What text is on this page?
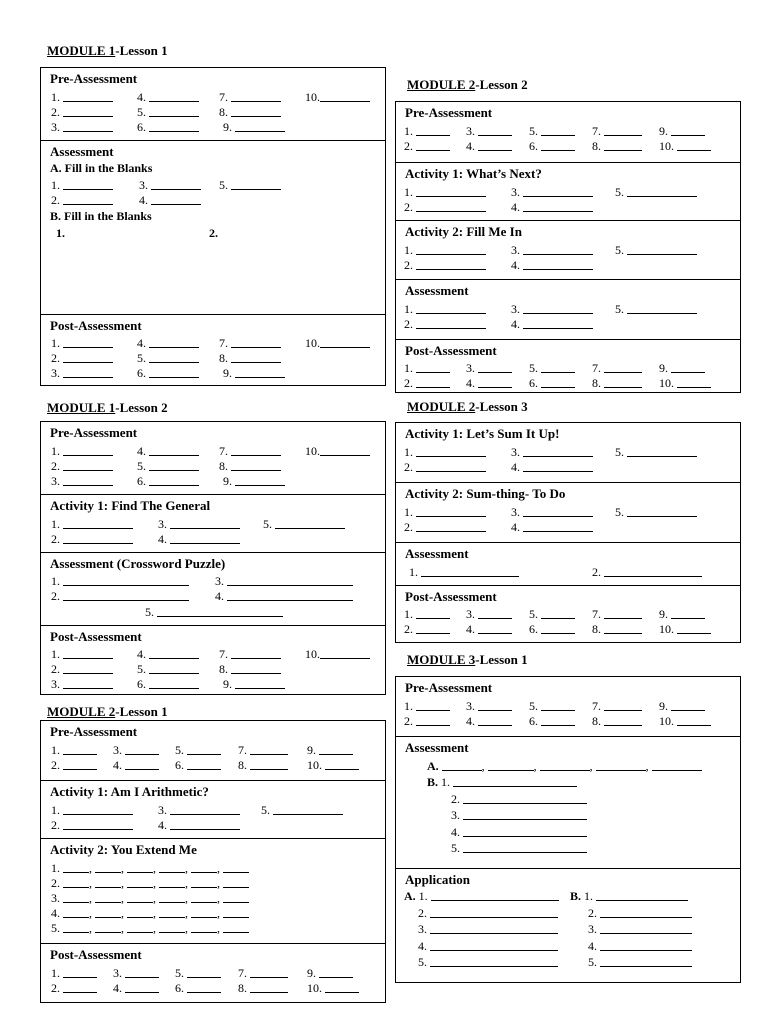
MODULE 1-Lesson 1
Pre-Assessment
1.	4.	7.	10.
2.	5.	8.
3.	6.	9.
Assessment
A. Fill in the Blanks
1.	3.	5.
2.	4.
B. Fill in the Blanks
1.	2.
Post-Assessment
1.	4.	7.	10.
2.	5.	8.
3.	6.	9.
MODULE 1-Lesson 2
Pre-Assessment
1.	4.	7.	10.
2.	5.	8.
3.	6.	9.
Activity 1: Find The General
1.	3.	5.
2.	4.
Assessment (Crossword Puzzle)
1.	3.
2.	4.
5.
Post-Assessment
1.	4.	7.	10.
2.	5.	8.
3.	6.	9.
MODULE 2-Lesson 1
Pre-Assessment
1.	3.	5.	7.	9.
2.	4.	6.	8.	10.
Activity 1: Am I Arithmetic?
1.	3.	5.
2.	4.
Activity 2: You Extend Me
1. , , , , ,
2. , , , , ,
3. , , , , ,
4. , , , , ,
5. , , , , ,
Post-Assessment
1.	3.	5.	7.	9.
2.	4.	6.	8.	10.
MODULE 2-Lesson 2
Pre-Assessment
1.	3.	5.	7.	9.
2.	4.	6.	8.	10.
Activity 1: What’s Next?
1.	3.	5.
2.	4.
Activity 2: Fill Me In
1.	3.	5.
2.	4.
Assessment
1.	3.	5.
2.	4.
Post-Assessment
1.	3.	5.	7.	9.
2.	4.	6.	8.	10.
MODULE 2-Lesson 3
Activity 1: Let’s Sum It Up!
1.	3.	5.
2.	4.
Activity 2: Sum-thing- To Do
1.	3.	5.
2.	4.
Assessment
1.	2.
Post-Assessment
1.	3.	5.	7.	9.
2.	4.	6.	8.	10.
MODULE 3-Lesson 1
Pre-Assessment
1.	3.	5.	7.	9.
2.	4.	6.	8.	10.
Assessment
A.	,	,	,	,
B. 1.
2.
3.
4.
5.
Application
A. 1.	B. 1.
2.	2.
3.	3.
4.	4.
5.	5.
